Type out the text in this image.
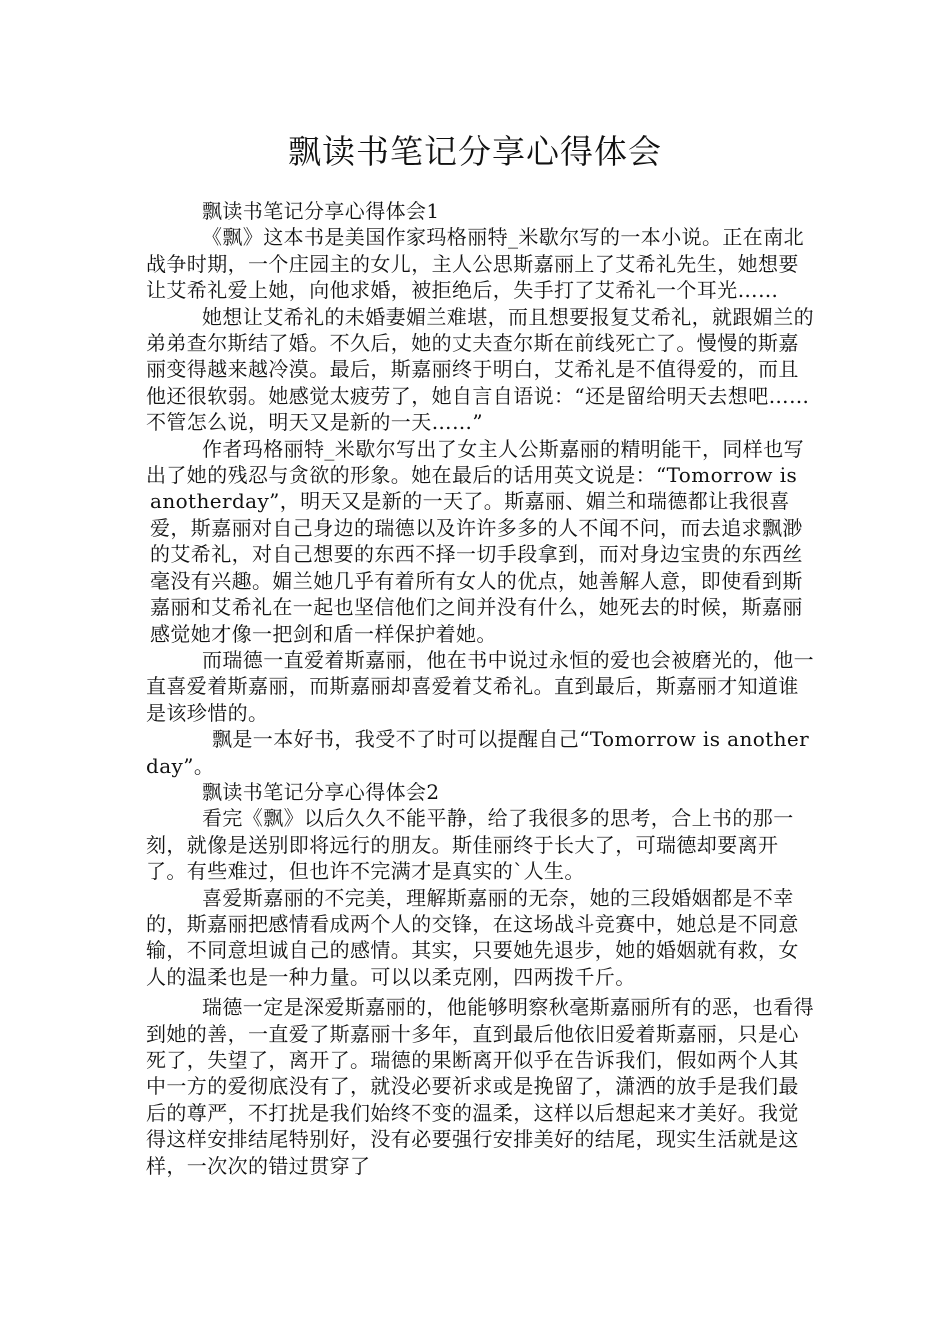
飘读书笔记分享心得体会

飘读书笔记分享心得体会1

《飘》这本书是美国作家玛格丽特_米歇尔写的一本小说。正在南北战争时期，一个庄园主的女儿，主人公思斯嘉丽上了艾希礼先生，她想要让艾希礼爱上她，向他求婚，被拒绝后，失手打了艾希礼一个耳光……

她想让艾希礼的未婚妻媚兰难堪，而且想要报复艾希礼，就跟媚兰的弟弟查尔斯结了婚。不久后，她的丈夫查尔斯在前线死亡了。慢慢的斯嘉丽变得越来越冷漠。最后，斯嘉丽终于明白，艾希礼是不值得爱的，而且他还很软弱。她感觉太疲劳了，她自言自语说：“还是留给明天去想吧……不管怎么说，明天又是新的一天……”

作者玛格丽特_米歇尔写出了女主人公斯嘉丽的精明能干，同样也写出了她的残忍与贪欲的形象。她在最后的话用英文说是：“Tomorrow is

anotherday”，明天又是新的一天了。斯嘉丽、媚兰和瑞德都让我很喜爱，斯嘉丽对自己身边的瑞德以及许许多多的人不闻不问，而去追求飘渺的艾希礼，对自己想要的东西不择一切手段拿到，而对身边宝贵的东西丝毫没有兴趣。媚兰她几乎有着所有女人的优点，她善解人意，即使看到斯嘉丽和艾希礼在一起也坚信他们之间并没有什么，她死去的时候，斯嘉丽感觉她才像一把剑和盾一样保护着她。

而瑞德一直爱着斯嘉丽，他在书中说过永恒的爱也会被磨光的，他一直喜爱着斯嘉丽，而斯嘉丽却喜爱着艾希礼。直到最后，斯嘉丽才知道谁是该珍惜的。

飘是一本好书，我受不了时可以提醒自己“Tomorrow is another day”。

飘读书笔记分享心得体会2

看完《飘》以后久久不能平静，给了我很多的思考，合上书的那一刻，就像是送别即将远行的朋友。斯佳丽终于长大了，可瑞德却要离开了。有些难过，但也许不完满才是真实的`人生。

喜爱斯嘉丽的不完美，理解斯嘉丽的无奈，她的三段婚姻都是不幸的，斯嘉丽把感情看成两个人的交锋，在这场战斗竞赛中，她总是不同意输，不同意坦诚自己的感情。其实，只要她先退步，她的婚姻就有救，女人的温柔也是一种力量。可以以柔克刚，四两拨千斤。

瑞德一定是深爱斯嘉丽的，他能够明察秋毫斯嘉丽所有的恶，也看得到她的善，一直爱了斯嘉丽十多年，直到最后他依旧爱着斯嘉丽，只是心死了，失望了，离开了。瑞德的果断离开似乎在告诉我们，假如两个人其中一方的爱彻底没有了，就没必要祈求或是挽留了，潇洒的放手是我们最后的尊严，不打扰是我们始终不变的温柔，这样以后想起来才美好。我觉得这样安排结尾特别好，没有必要强行安排美好的结尾，现实生活就是这样，一次次的错过贯穿了
